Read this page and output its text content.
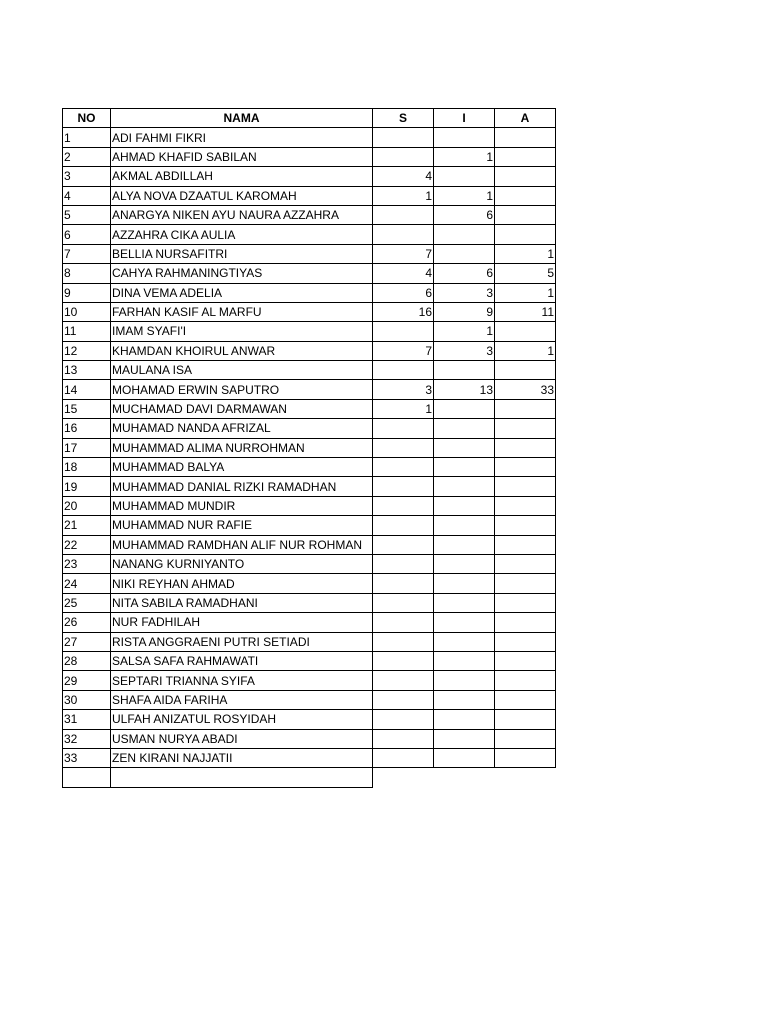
NO	NAMA	S	I	A
1	ADI FAHMI FIKRI			
2	AHMAD KHAFID SABILAN		1	
3	AKMAL ABDILLAH	4		
4	ALYA NOVA DZAATUL KAROMAH	1	1	
5	ANARGYA NIKEN AYU NAURA AZZAHRA		6	
6	AZZAHRA CIKA AULIA			
7	BELLIA NURSAFITRI	7		1
8	CAHYA RAHMANINGTIYAS	4	6	5
9	DINA VEMA ADELIA	6	3	1
10	FARHAN KASIF AL MARFU	16	9	11
11	IMAM SYAFI'I		1	
12	KHAMDAN KHOIRUL ANWAR	7	3	1
13	MAULANA ISA			
14	MOHAMAD ERWIN SAPUTRO	3	13	33
15	MUCHAMAD DAVI DARMAWAN	1		
16	MUHAMAD NANDA AFRIZAL			
17	MUHAMMAD ALIMA NURROHMAN			
18	MUHAMMAD BALYA			
19	MUHAMMAD DANIAL RIZKI RAMADHAN			
20	MUHAMMAD MUNDIR			
21	MUHAMMAD NUR RAFIE			
22	MUHAMMAD RAMDHAN ALIF NUR ROHMAN			
23	NANANG KURNIYANTO			
24	NIKI REYHAN AHMAD			
25	NITA SABILA RAMADHANI			
26	NUR FADHILAH			
27	RISTA ANGGRAENI PUTRI SETIADI			
28	SALSA SAFA RAHMAWATI			
29	SEPTARI TRIANNA SYIFA			
30	SHAFA AIDA FARIHA			
31	ULFAH ANIZATUL ROSYIDAH			
32	USMAN NURYA ABADI			
33	ZEN KIRANI NAJJATII			
